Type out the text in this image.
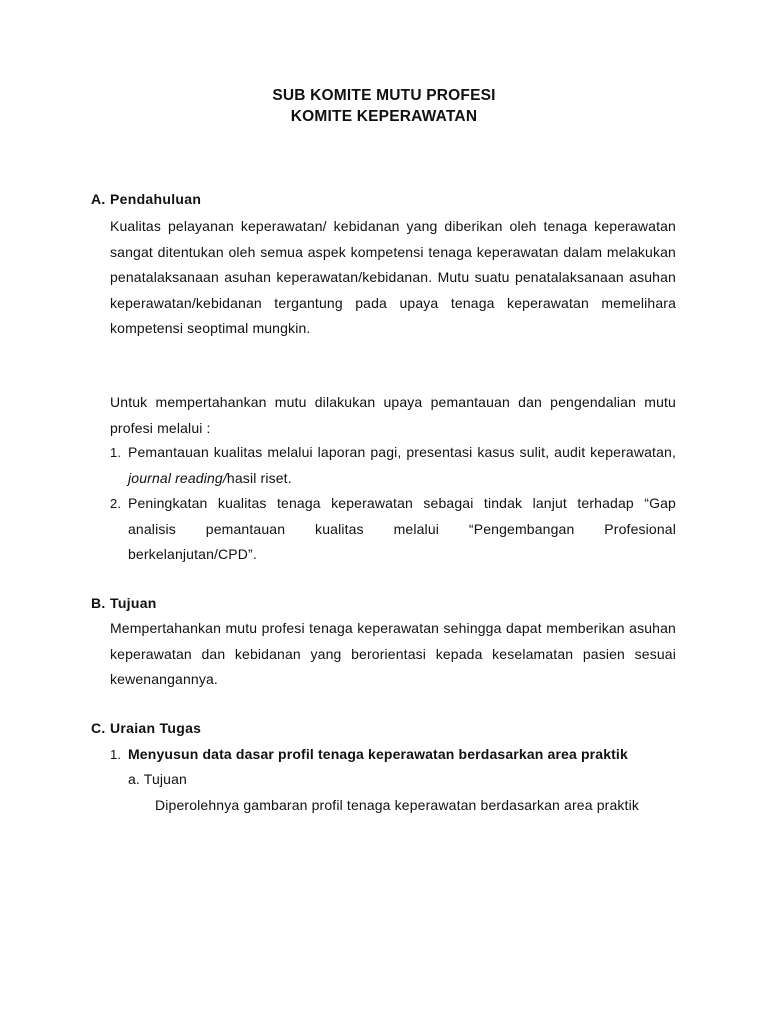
SUB KOMITE MUTU PROFESI
KOMITE KEPERAWATAN
A. Pendahuluan
Kualitas pelayanan keperawatan/ kebidanan yang diberikan oleh tenaga keperawatan sangat ditentukan oleh semua aspek kompetensi tenaga keperawatan dalam melakukan penatalaksanaan asuhan keperawatan/kebidanan. Mutu suatu penatalaksanaan asuhan keperawatan/kebidanan tergantung pada upaya tenaga keperawatan memelihara kompetensi seoptimal mungkin.
Untuk mempertahankan mutu dilakukan upaya pemantauan dan pengendalian mutu profesi melalui :
1. Pemantauan kualitas melalui laporan pagi, presentasi kasus sulit, audit keperawatan, journal reading/hasil riset.
2. Peningkatan kualitas tenaga keperawatan sebagai tindak lanjut terhadap “Gap analisis pemantauan kualitas melalui “Pengembangan Profesional berkelanjutan/CPD”.
B. Tujuan
Mempertahankan mutu profesi tenaga keperawatan sehingga dapat memberikan asuhan keperawatan dan kebidanan yang berorientasi kepada keselamatan pasien sesuai kewenangannya.
C. Uraian Tugas
1. Menyusun data dasar profil tenaga keperawatan berdasarkan area praktik
a. Tujuan
Diperolehnya gambaran profil tenaga keperawatan berdasarkan area praktik
